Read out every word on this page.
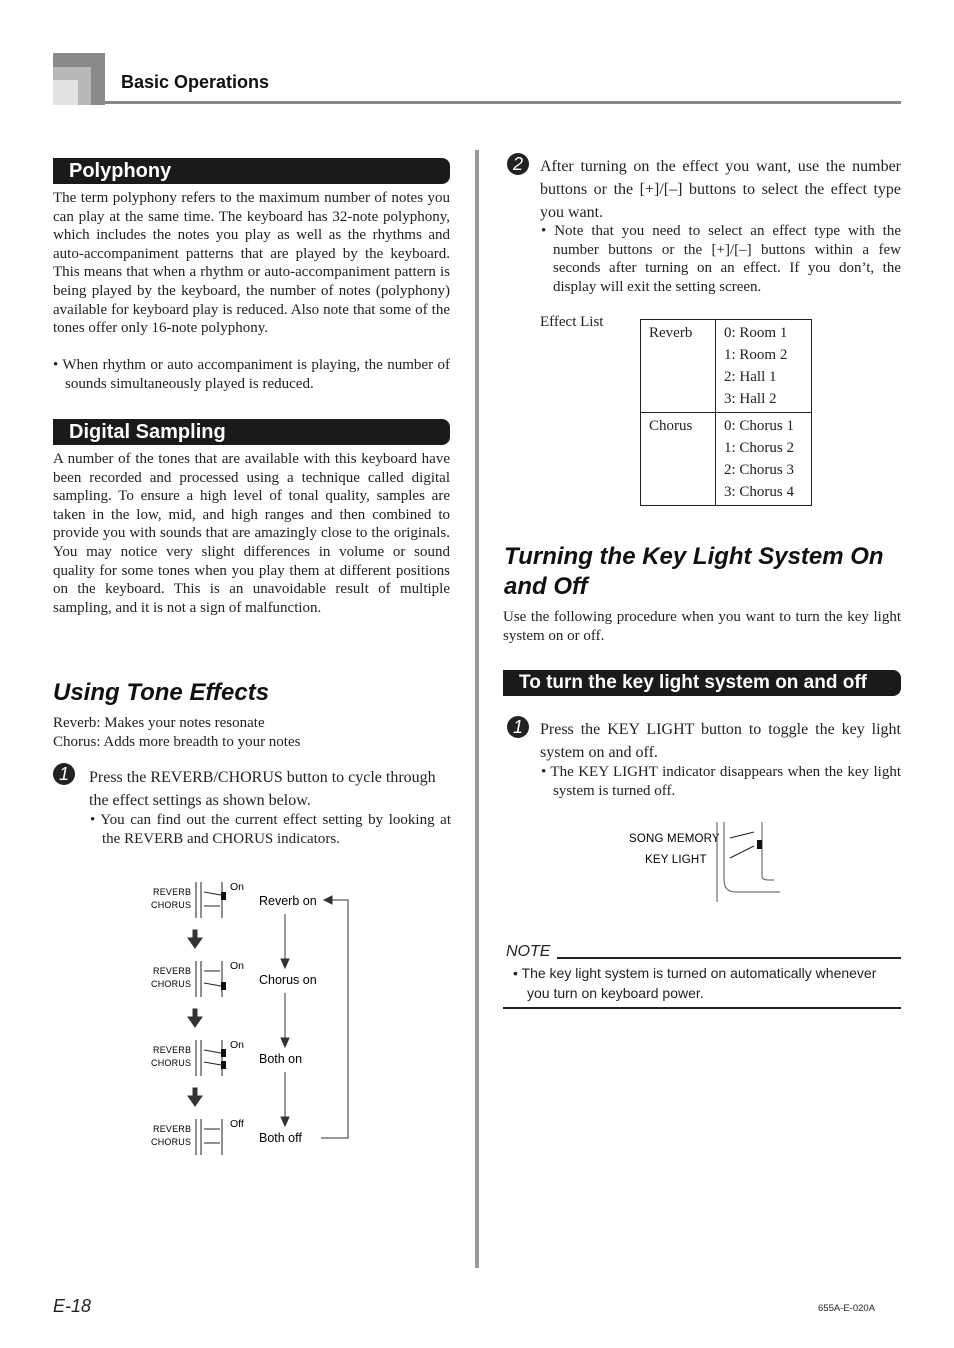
Basic Operations
Polyphony
The term polyphony refers to the maximum number of notes you can play at the same time. The keyboard has 32-note polyphony, which includes the notes you play as well as the rhythms and auto-accompaniment patterns that are played by the keyboard. This means that when a rhythm or auto-accompaniment pattern is being played by the keyboard, the number of notes (polyphony) available for keyboard play is reduced. Also note that some of the tones offer only 16-note polyphony.
• When rhythm or auto accompaniment is playing, the number of sounds simultaneously played is reduced.
Digital Sampling
A number of the tones that are available with this keyboard have been recorded and processed using a technique called digital sampling. To ensure a high level of tonal quality, samples are taken in the low, mid, and high ranges and then combined to provide you with sounds that are amazingly close to the originals. You may notice very slight differences in volume or sound quality for some tones when you play them at different positions on the keyboard. This is an unavoidable result of multiple sampling, and it is not a sign of malfunction.
Using Tone Effects
Reverb: Makes your notes resonate
Chorus: Adds more breadth to your notes
1	Press the REVERB/CHORUS button to cycle through the effect settings as shown below.
• You can find out the current effect setting by looking at the REVERB and CHORUS indicators.
REVERB
CHORUS
On
Reverb on
REVERB
CHORUS
On
Chorus on
REVERB
CHORUS
On
Both on
REVERB
CHORUS
Off
Both off
2	After turning on the effect you want, use the number buttons or the [+]/[–] buttons to select the effect type you want.
• Note that you need to select an effect type with the number buttons or the [+]/[–] buttons within a few seconds after turning on an effect. If you don’t, the display will exit the setting screen.
Effect List
Reverb	0: Room 1
1: Room 2
2: Hall 1
3: Hall 2

Chorus	0: Chorus 1
1: Chorus 2
2: Chorus 3
3: Chorus 4
Turning the Key Light System On
and Off
Use the following procedure when you want to turn the key light system on or off.
To turn the key light system on and off
1	Press the KEY LIGHT button to toggle the key light system on and off.
• The KEY LIGHT indicator disappears when the key light system is turned off.
SONG MEMORY
KEY LIGHT
NOTE
• The key light system is turned on automatically whenever you turn on keyboard power.
E-18	655A-E-020A
